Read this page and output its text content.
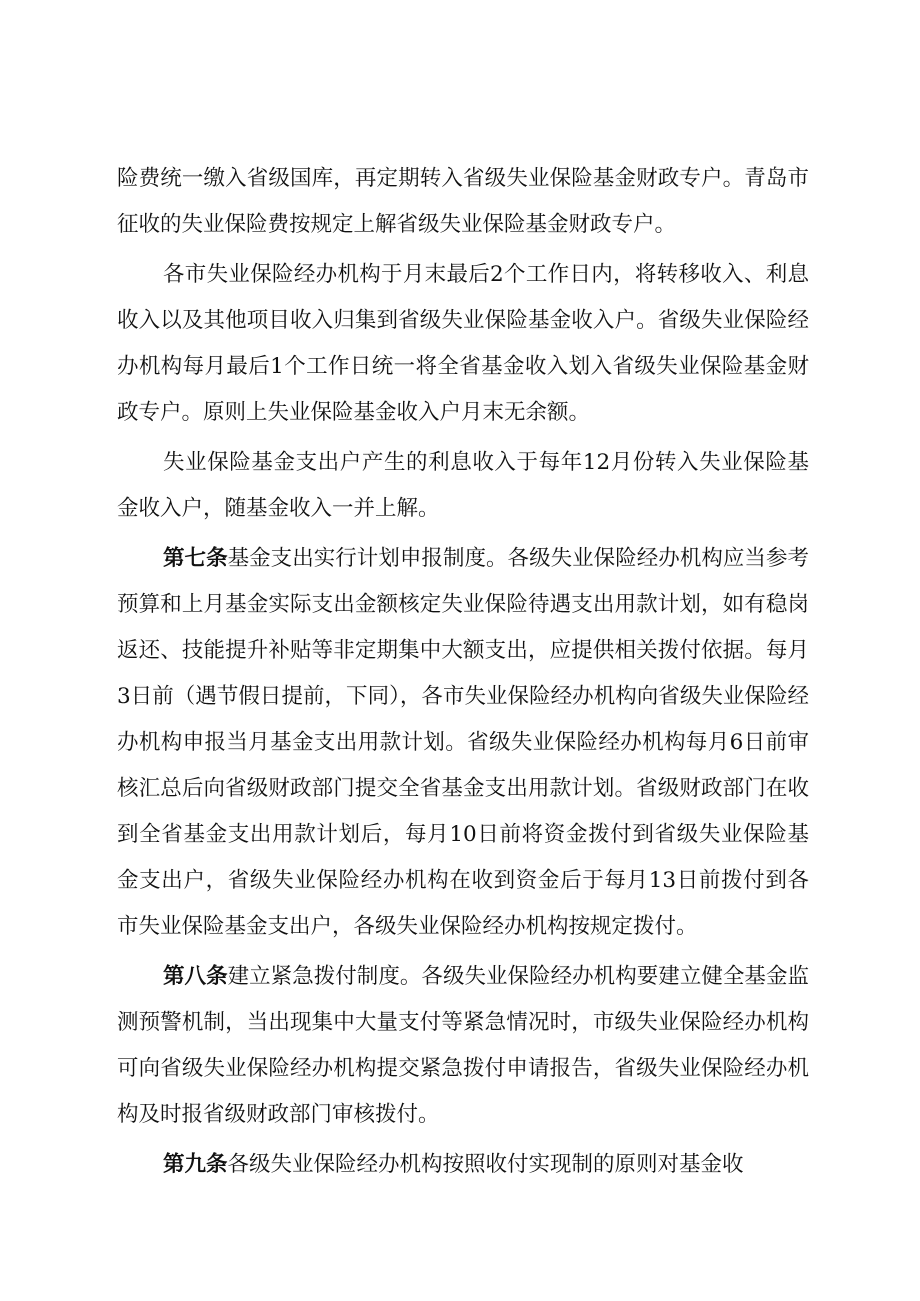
险费统一缴入省级国库，再定期转入省级失业保险基金财政专户。青岛市征收的失业保险费按规定上解省级失业保险基金财政专户。

各市失业保险经办机构于月末最后2个工作日内，将转移收入、利息收入以及其他项目收入归集到省级失业保险基金收入户。省级失业保险经办机构每月最后1个工作日统一将全省基金收入划入省级失业保险基金财政专户。原则上失业保险基金收入户月末无余额。

失业保险基金支出户产生的利息收入于每年12月份转入失业保险基金收入户，随基金收入一并上解。

第七条基金支出实行计划申报制度。各级失业保险经办机构应当参考预算和上月基金实际支出金额核定失业保险待遇支出用款计划，如有稳岗返还、技能提升补贴等非定期集中大额支出，应提供相关拨付依据。每月3日前（遇节假日提前，下同），各市失业保险经办机构向省级失业保险经办机构申报当月基金支出用款计划。省级失业保险经办机构每月6日前审核汇总后向省级财政部门提交全省基金支出用款计划。省级财政部门在收到全省基金支出用款计划后，每月10日前将资金拨付到省级失业保险基金支出户，省级失业保险经办机构在收到资金后于每月13日前拨付到各市失业保险基金支出户，各级失业保险经办机构按规定拨付。

第八条建立紧急拨付制度。各级失业保险经办机构要建立健全基金监测预警机制，当出现集中大量支付等紧急情况时，市级失业保险经办机构可向省级失业保险经办机构提交紧急拨付申请报告，省级失业保险经办机构及时报省级财政部门审核拨付。

第九条各级失业保险经办机构按照收付实现制的原则对基金收
